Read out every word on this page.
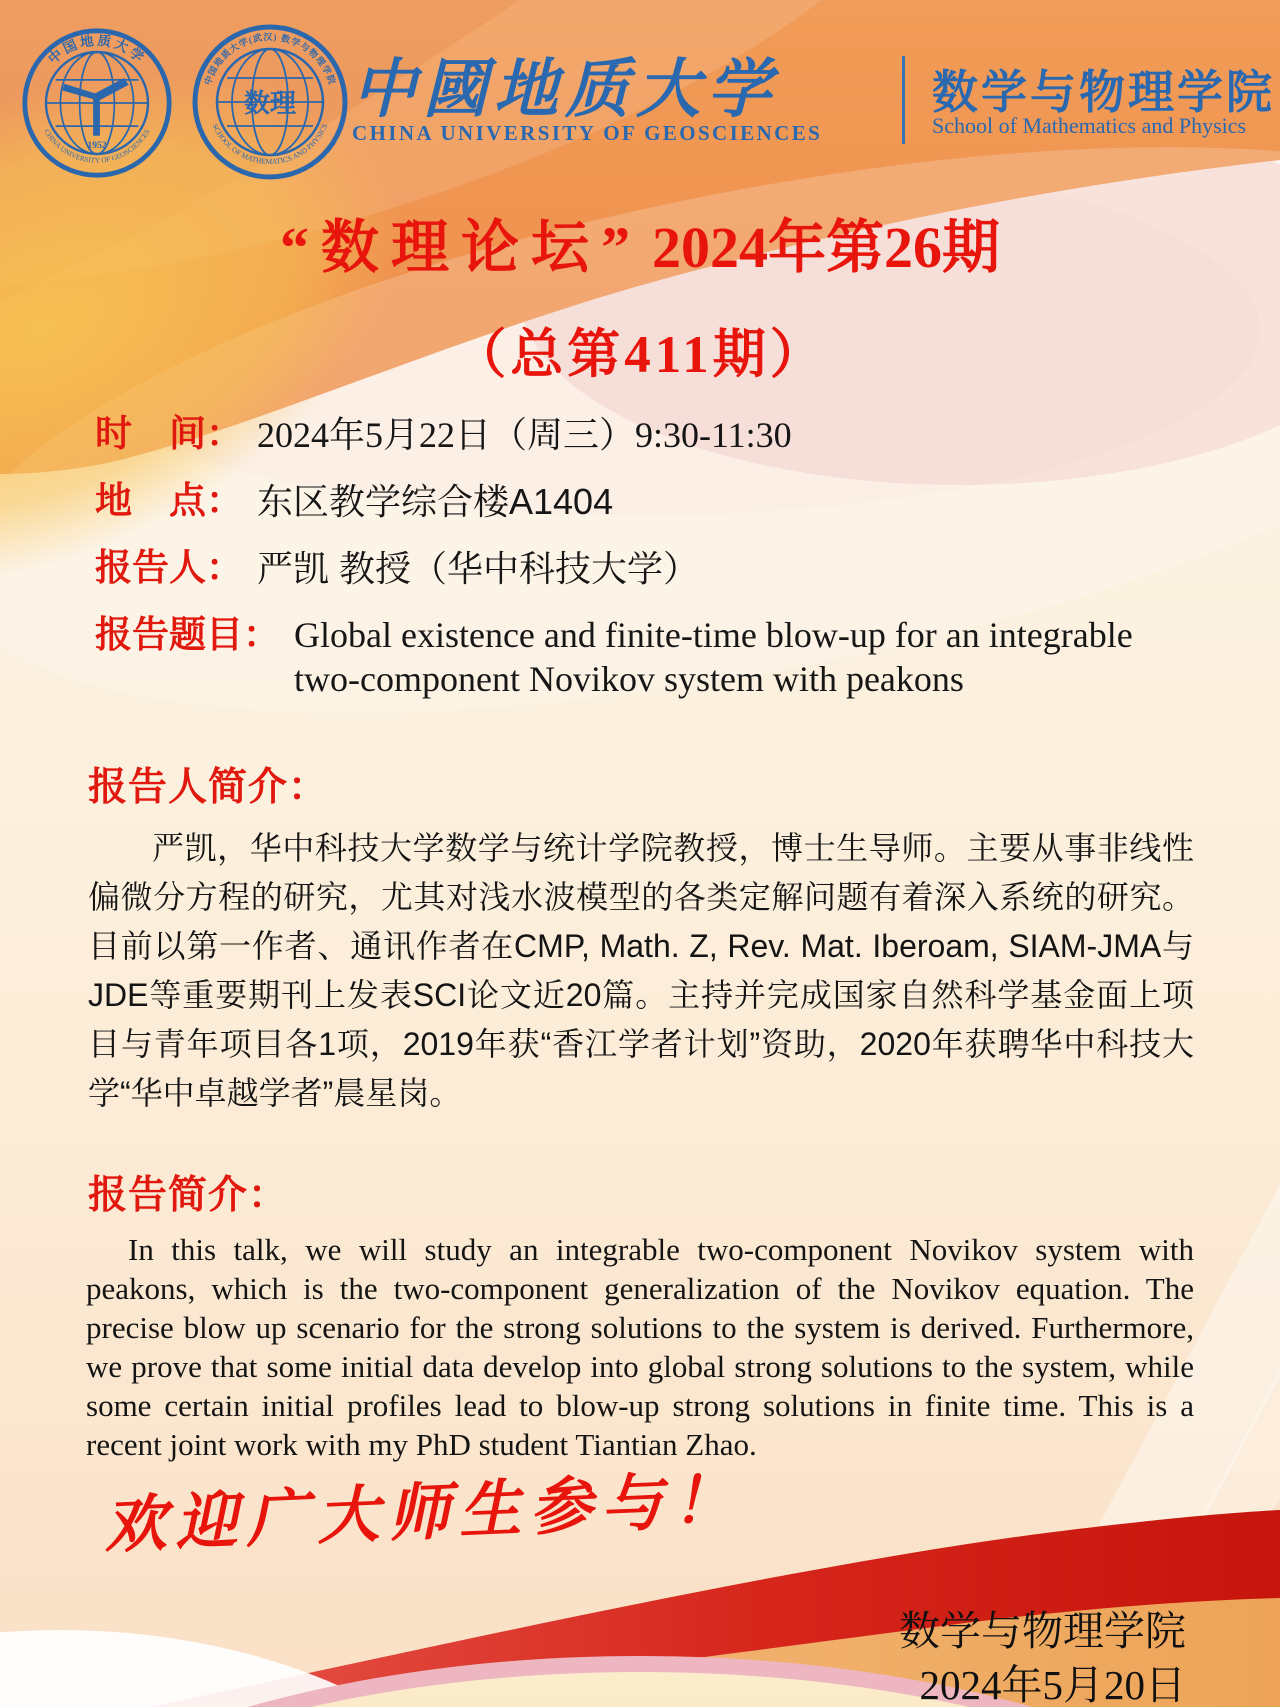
中国地质大学
CHINA UNIVERSITY OF GEOSCIENCES
1952
数理
中国地质大学(武汉) 数学与物理学院
SCHOOL OF MATHEMATICS AND PHYSICS
中國地质大学
CHINA UNIVERSITY OF GEOSCIENCES
数学与物理学院
School of Mathematics and Physics
“数理论坛” 2024年第26期
（总第411期）
时　间： 2024年5月22日（周三）9:30-11:30
地　点： 东区教学综合楼A1404
报告人： 严凯 教授（华中科技大学）
报告题目： Global existence and finite-time blow-up for an integrable two-component Novikov system with peakons
报告人简介：
严凯，华中科技大学数学与统计学院教授，博士生导师。主要从事非线性偏微分方程的研究，尤其对浅水波模型的各类定解问题有着深入系统的研究。目前以第一作者、通讯作者在CMP, Math. Z, Rev. Mat. Iberoam, SIAM-JMA与JDE等重要期刊上发表SCI论文近20篇。主持并完成国家自然科学基金面上项目与青年项目各1项，2019年获“香江学者计划”资助，2020年获聘华中科技大学“华中卓越学者”晨星岗。
报告简介：
In this talk, we will study an integrable two-component Novikov system with peakons, which is the two-component generalization of the Novikov equation. The precise blow up scenario for the strong solutions to the system is derived. Furthermore, we prove that some initial data develop into global strong solutions to the system, while some certain initial profiles lead to blow-up strong solutions in finite time. This is a recent joint work with my PhD student Tiantian Zhao.
欢迎广大师生参与！
数学与物理学院
2024年5月20日
